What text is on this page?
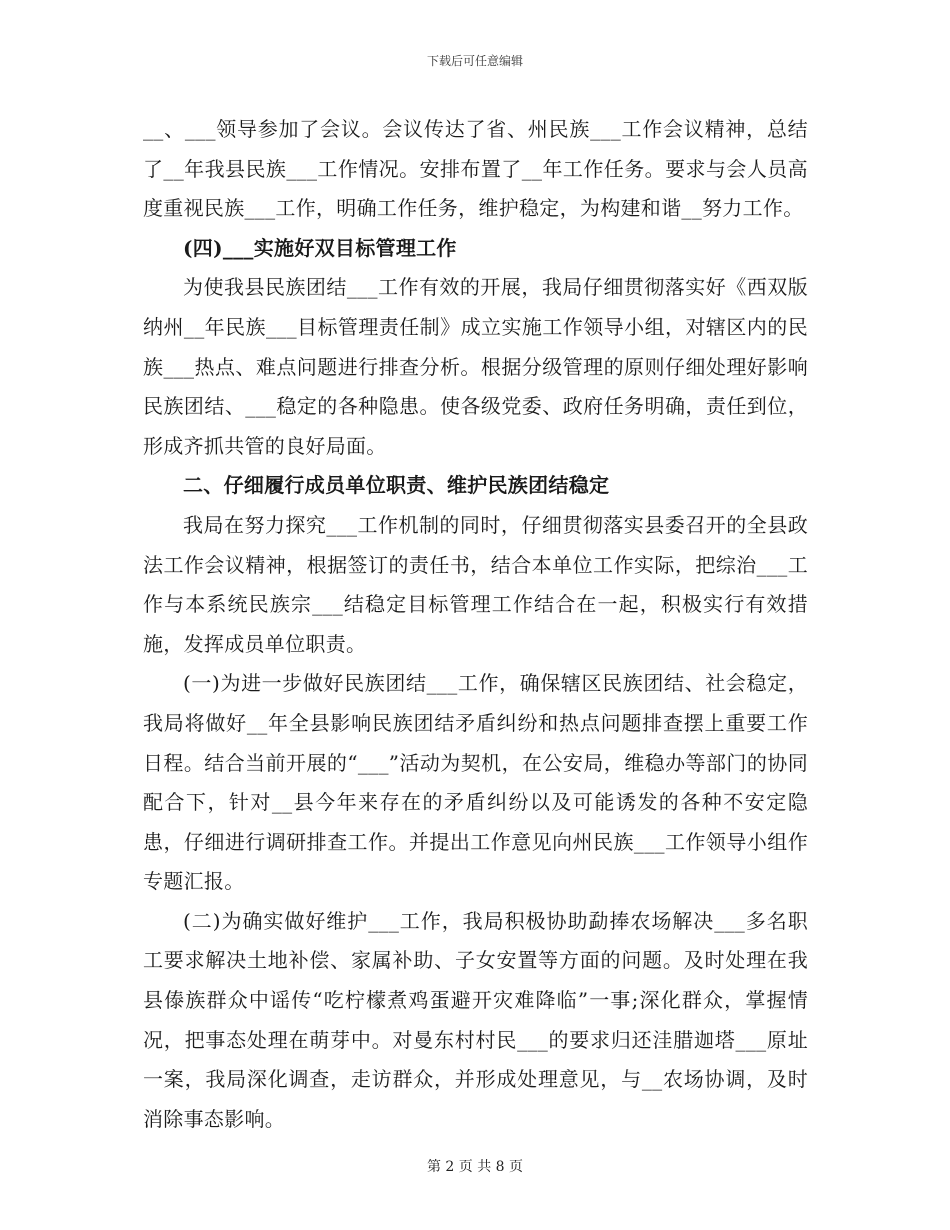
下载后可任意编辑

__、___领导参加了会议。会议传达了省、州民族___工作会议精神，总结了__年我县民族___工作情况。安排布置了__年工作任务。要求与会人员高度重视民族___工作，明确工作任务，维护稳定，为构建和谐__努力工作。

(四)___实施好双目标管理工作

为使我县民族团结___工作有效的开展，我局仔细贯彻落实好《西双版纳州__年民族___目标管理责任制》成立实施工作领导小组，对辖区内的民族___热点、难点问题进行排查分析。根据分级管理的原则仔细处理好影响民族团结、___稳定的各种隐患。使各级党委、政府任务明确，责任到位，形成齐抓共管的良好局面。

二、仔细履行成员单位职责、维护民族团结稳定

我局在努力探究___工作机制的同时，仔细贯彻落实县委召开的全县政法工作会议精神，根据签订的责任书，结合本单位工作实际，把综治___工作与本系统民族宗___结稳定目标管理工作结合在一起，积极实行有效措施，发挥成员单位职责。

(一)为进一步做好民族团结___工作，确保辖区民族团结、社会稳定，我局将做好__年全县影响民族团结矛盾纠纷和热点问题排查摆上重要工作日程。结合当前开展的“___”活动为契机，在公安局，维稳办等部门的协同配合下，针对__县今年来存在的矛盾纠纷以及可能诱发的各种不安定隐患，仔细进行调研排查工作。并提出工作意见向州民族___工作领导小组作专题汇报。

(二)为确实做好维护___工作，我局积极协助勐捧农场解决___多名职工要求解决土地补偿、家属补助、子女安置等方面的问题。及时处理在我县傣族群众中谣传“吃柠檬煮鸡蛋避开灾难降临”一事;深化群众，掌握情况，把事态处理在萌芽中。对曼东村村民___的要求归还洼腊迦塔___原址一案，我局深化调查，走访群众，并形成处理意见，与__农场协调，及时消除事态影响。

第 2 页 共 8 页
